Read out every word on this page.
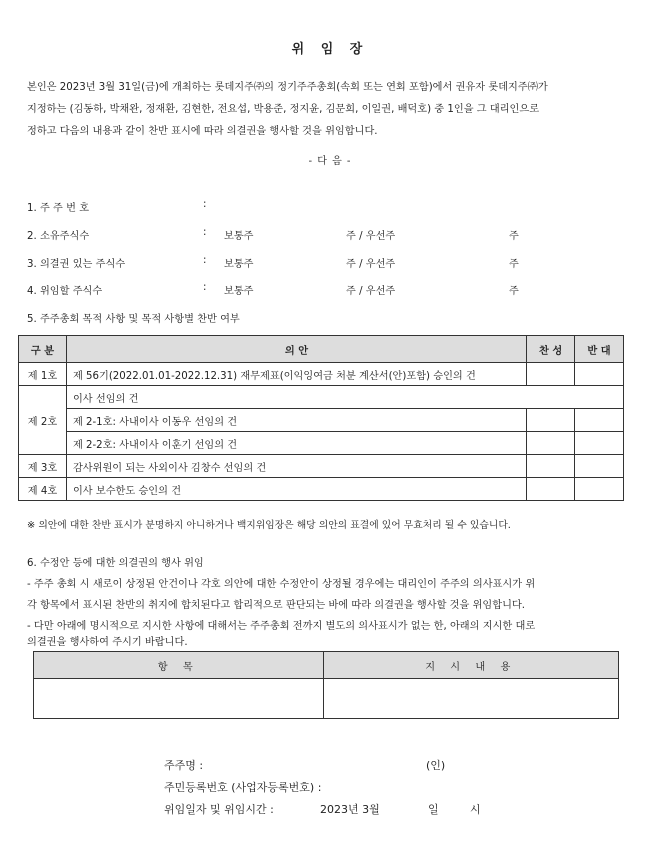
위 임 장
본인은 2023년 3월 31일(금)에 개최하는 롯데지주㈜의 정기주주총회(속회 또는 연회 포함)에서 권유자 롯데지주㈜가
지정하는 (김동하, 박채완, 정재환, 김현한, 전요섭, 박용준, 정지윤, 김문희, 이일권, 배덕호) 중 1인을 그 대리인으로
정하고 다음의 내용과 같이 찬반 표시에 따라 의결권을 행사할 것을 위임합니다.
- 다 음 -
1. 주 주 번 호	:
2. 소유주식수	: 보통주	주 / 우선주	주
3. 의결권 있는 주식수	: 보통주	주 / 우선주	주
4. 위임할 주식수	: 보통주	주 / 우선주	주
5. 주주총회 목적 사항 및 목적 사항별 찬반 여부
구 분	의 안	찬 성	반 대
제 1호	제 56기(2022.01.01-2022.12.31) 재무제표(이익잉여금 처분 계산서(안)포함) 승인의 건		
제 2호	이사 선임의 건		
	제 2-1호: 사내이사 이동우 선임의 건		
	제 2-2호: 사내이사 이훈기 선임의 건		
제 3호	감사위원이 되는 사외이사 김창수 선임의 건		
제 4호	이사 보수한도 승인의 건		
※ 의안에 대한 찬반 표시가 분명하지 아니하거나 백지위임장은 해당 의안의 표결에 있어 무효처리 될 수 있습니다.
6. 수정안 등에 대한 의결권의 행사 위임
- 주주 총회 시 새로이 상정된 안건이나 각호 의안에 대한 수정안이 상정될 경우에는 대리인이 주주의 의사표시가 위
각 항목에서 표시된 찬반의 취지에 합치된다고 합리적으로 판단되는 바에 따라 의결권을 행사할 것을 위임합니다.
- 다만 아래에 명시적으로 지시한 사항에 대해서는 주주총회 전까지 별도의 의사표시가 없는 한, 아래의 지시한 대로
의결권을 행사하여 주시기 바랍니다.
항 목	지 시 내 용

주주명 :	(인)
주민등록번호 (사업자등록번호) :
위임일자 및 위임시간 :	2023년 3월	일	시
